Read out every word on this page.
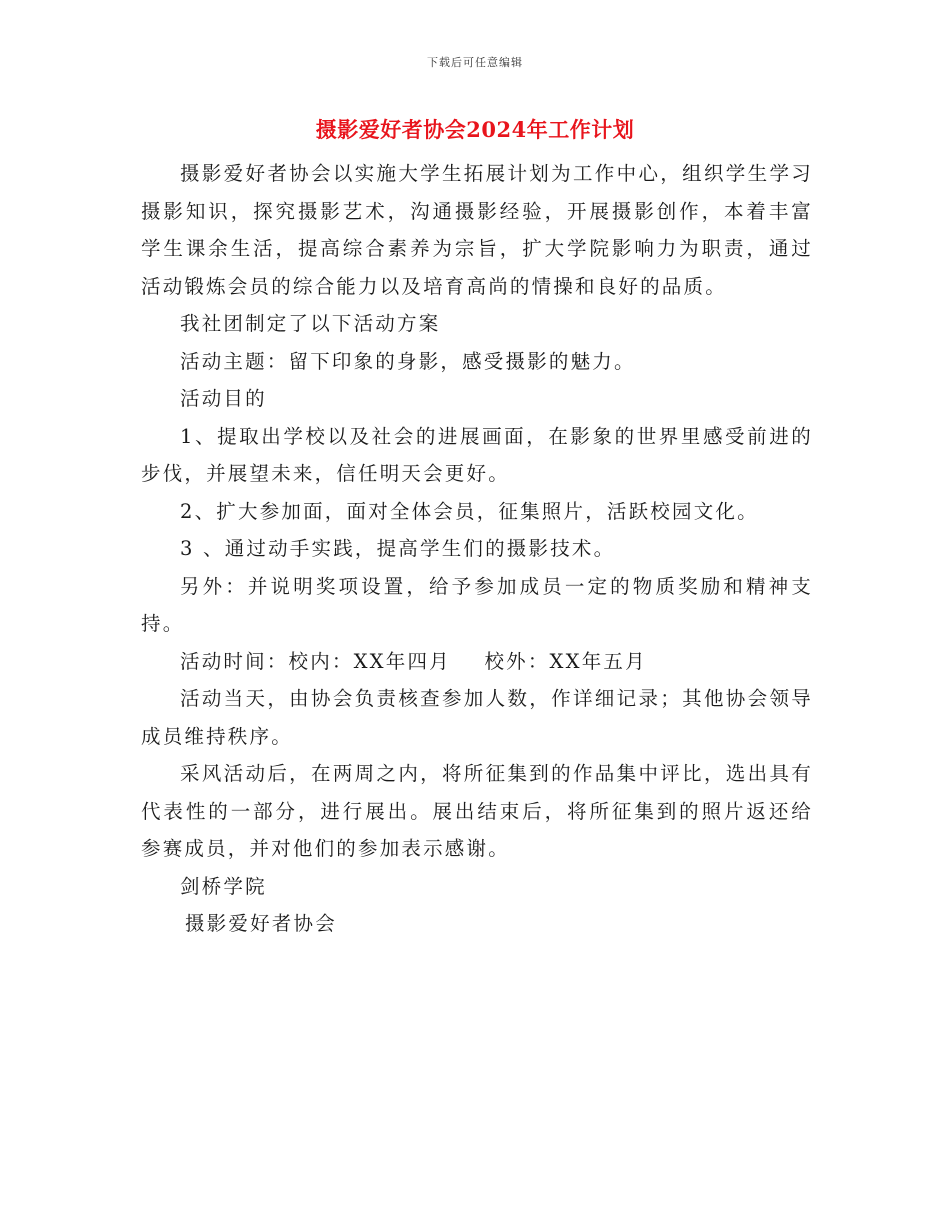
下载后可任意编辑
摄影爱好者协会2024年工作计划

摄影爱好者协会以实施大学生拓展计划为工作中心，组织学生学习摄影知识，探究摄影艺术，沟通摄影经验，开展摄影创作，本着丰富学生课余生活，提高综合素养为宗旨，扩大学院影响力为职责，通过活动锻炼会员的综合能力以及培育高尚的情操和良好的品质。

我社团制定了以下活动方案

活动主题：留下印象的身影，感受摄影的魅力。

活动目的

1、提取出学校以及社会的进展画面，在影象的世界里感受前进的步伐，并展望未来，信任明天会更好。

2、扩大参加面，面对全体会员，征集照片，活跃校园文化。

3 、通过动手实践，提高学生们的摄影技术。

另外：并说明奖项设置，给予参加成员一定的物质奖励和精神支持。

活动时间：校内：XX年四月    校外：XX年五月

活动当天，由协会负责核查参加人数，作详细记录；其他协会领导成员维持秩序。

采风活动后，在两周之内，将所征集到的作品集中评比，选出具有代表性的一部分，进行展出。展出结束后，将所征集到的照片返还给参赛成员，并对他们的参加表示感谢。

剑桥学院

摄影爱好者协会
